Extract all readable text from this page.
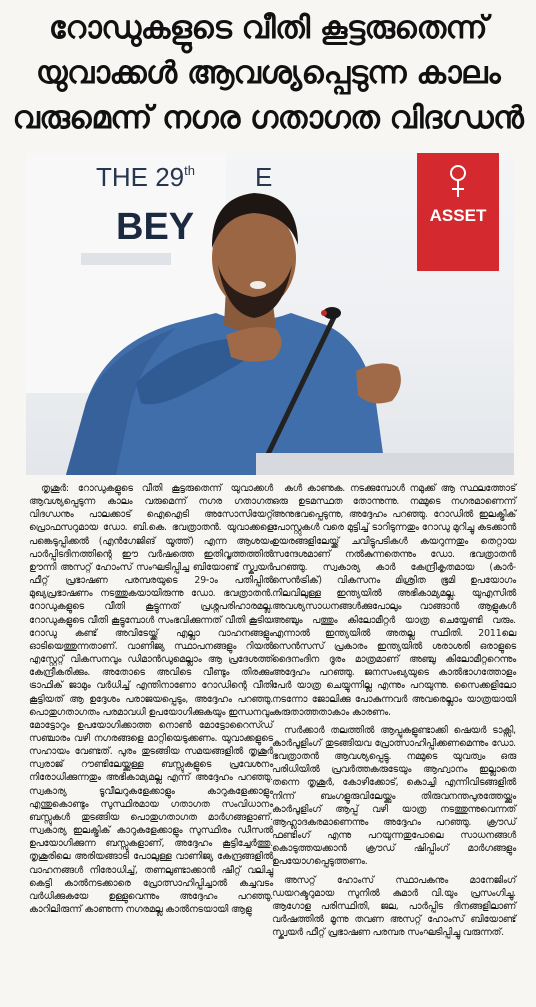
റോഡുകളുടെ വീതി കൂട്ടരുതെന്ന്
യുവാക്കൾ ആവശ്യപ്പെടുന്ന കാലം
വരുമെന്ന് നഗര ഗതാഗത വിദഗ്ധൻ
THE 29th E
BEY	ASSET

തൃശൂർ: റോഡുകളുടെ വീതി കൂട്ടരുതെന്ന് യുവാക്കൾ ആവശ്യപ്പെടുന്ന കാലം വരുമെന്ന് നഗര ഗതാഗത വിദഗ്ധനും പാലക്കാട് ഐഐടി അസോസിയേറ്റ് പ്രൊഫസറുമായ ഡോ. ബി.കെ. ഭവത്രാതൻ. യുവാക്കളെ പങ്കെടുപ്പിക്കൽ (എൻഗേജിങ് യൂത്ത്) എന്ന ആശയം പാർപ്പിടദിനത്തിന്റെ ഈ വർഷത്തെ ഇതിവൃത്തത്തിൽ ഊന്നി അസറ്റ് ഹോംസ് സംഘടിപ്പിച്ച ബിയോണ്ട് സ്ക്വയർ ഫീറ്റ് പ്രഭാഷണ പരമ്പരയുടെ 29-ാം പതിപ്പിൽ മുഖ്യപ്രഭാഷണം നടത്തുകയായിരുന്നു ഡോ. ഭവത്രാതൻ. റോഡുകളുടെ വീതി കൂട്ടുന്നത് പ്രശ്നപരിഹാരമല്ല. റോഡുകളുടെ വീതി കൂട്ടുമ്പോൾ സംഭവിക്കുന്നത് വീതി കൂടിയ റോഡു കണ്ട് അവിടേയ്ക്ക് എല്ലാ വാഹനങ്ങളും ഓടിയെത്തുന്നതാണ്. വാണിജ്യ സ്ഥാപനങ്ങളും റിയൽ എസ്റ്റേറ്റ് വികസനവും ഡിമാൻഡുമെല്ലാം ആ പ്രദേശത്ത് കേന്ദ്രീകരിക്കും. അതോടെ അവിടെ വീണ്ടും തിരക്കും ട്രാഫിക് ജാമും വർധിച്ച് എന്തിനാണോ റോഡിന്റെ വീതി കൂട്ടിയത് ആ ഉദ്ദേശം പരാജയപ്പെടും, അദ്ദേഹം പറഞ്ഞു. പൊതുഗതാഗതം പരമാവധി ഉപയോഗിക്കുകയും ഇന്ധനവും മോട്ടോറും ഉപയോഗിക്കാത്ത നൊൺ മോട്ടോറൈസ്ഡ് സഞ്ചാരം വഴി നഗരങ്ങളെ മാറ്റിയെടുക്കണം. യുവാക്കളുടെ സഹായം വേണ്ടത്. പുരം തുടങ്ങിയ സമയങ്ങളിൽ തൃശൂർ സ്വരാജ് റൗണ്ടിലേയ്ക്കുള്ള ബസ്സുകളുടെ പ്രവേശനം നിരോധിക്കുന്നതും അഭികാമ്യമല്ല എന്ന് അദ്ദേഹം പറഞ്ഞു. സ്വകാര്യ ടൂവീലറുകളേക്കാളും കാറുകളേക്കാളും എന്തുകൊണ്ടും സുസ്ഥിരമായ ഗതാഗത സംവിധാനം ബസ്സുകൾ തുടങ്ങിയ പൊതുഗതാഗത മാർഗങ്ങളാണ്. സ്വകാര്യ ഇലക്ട്രിക് കാറുകളേക്കാളും സുസ്ഥിരം ഡീസൽ ഉപയോഗിക്കുന്ന ബസ്സുകളാണ്, അദ്ദേഹം കൂട്ടിച്ചേർത്തു. തൃശൂരിലെ അരിയങ്ങാടി പോലുള്ള വാണിജ്യ കേന്ദ്രങ്ങളിൽ വാഹനങ്ങൾ നിരോധിച്ച്, തണലുണ്ടാക്കാൻ ഷീറ്റ് വലിച്ചു കെട്ടി കാൽനടക്കാരെ പ്രോത്സാഹിപ്പിച്ചാൽ കച്ചവടം വർധിക്കുകയേ ഉള്ളുവെന്നും അദ്ദേഹം പറഞ്ഞു. കാറിലിരുന്ന് കാണുന്ന നഗരമല്ല കാൽനടയായി ആളു

കൾ കാണുക. നടക്കുമ്പോൾ നമുക്ക് ആ സ്ഥലത്തോട് ഒരു ഉടമസ്ഥത തോന്നുന്നു. നമ്മുടെ നഗരമാണെന്ന് അനുഭവപ്പെടുന്നു, അദ്ദേഹം പറഞ്ഞു. റോഡിൽ ഇലക്ട്രിക് പോസ്റ്റുകൾ വരെ മുട്ടിച്ച് ടാറിടുന്നതും റോഡു മുറിച്ചു കടക്കാൻ ഉയരങ്ങളിലേയ്ക്ക് ചവിട്ടുപടികൾ കയറുന്നതും തെറ്റായ സന്ദേശമാണ് നൽകുന്നതെന്നും ഡോ. ഭവത്രാതൻ പറഞ്ഞു. സ്വകാര്യ കാർ കേന്ദ്രീകൃതമായ (കാർ-സെൻട്രിക്) വികസനം മിശ്രിത ഭൂമി ഉപയോഗം നിലവിലുള്ള ഇന്ത്യയിൽ അഭികാമ്യമല്ല. യുഎസിൽ അവശ്യസാധനങ്ങൾക്കുപോലും വാങ്ങാൻ ആളുകൾ അഞ്ചും പത്തും കിലോമീറ്റർ യാത്ര ചെയ്യേണ്ടി വരും. എന്നാൽ ഇന്ത്യയിൽ അതല്ല സ്ഥിതി. 2011ലെ സെൻസസ് പ്രകാരം ഇന്ത്യയിൽ ശരാശരി ഒരാളുടെ ദൈനംദിന ദൂരം മാത്രമാണ് അഞ്ചു കിലോമീറ്ററെന്നും അദ്ദേഹം പറഞ്ഞു. ജനസംഖ്യയുടെ കാൽഭാഗത്തോളം പേർ യാത്ര ചെയ്യുന്നില്ല എന്നും പറയുന്നു. സൈക്കളിലോ നടന്നോ ജോലിക്കു പോകുന്നവർ അവരെല്ലാം യാത്രയായി കരുതാത്തതാകാം കാരണം.

സർക്കാർ തലത്തിൽ ആപ്പുകളുണ്ടാക്കി ഷെയർ ടാക്സി, കാർപൂളിംഗ് തുടങ്ങിയവ പ്രോത്സാഹിപ്പിക്കണമെന്നും ഡോ. ഭവത്രാതൻ ആവശ്യപ്പെട്ടു. നമ്മുടെ യുവത്വം ഒരു പരിധിയിൽ പ്രവർത്തകരുടേയും ആഹ്വാനം ഇല്ലാതെ തന്നെ തൃശൂർ, കോഴിക്കോട്, കൊച്ചി എന്നിവിടങ്ങളിൽ നിന്ന് ബംഗളൂരുവിലേയ്ക്കും തിരുവനന്തപുരത്തേയ്ക്കും കാർപൂളിംഗ് ആപ്പ് വഴി യാത്ര നടത്തുന്നുവെന്നത് ആഹ്ലാദകരമാണെന്നും അദ്ദേഹം പറഞ്ഞു. ക്രൗഡ് ഫണ്ടിംഗ് എന്നു പറയുന്നതുപോലെ സാധനങ്ങൾ കൊടുത്തയക്കാൻ ക്രൗഡ് ഷിപ്പിംഗ് മാർഗങ്ങളും ഉപയോഗപ്പെടുത്തണം.

അസറ്റ് ഹോംസ് സ്ഥാപകനും മാനേജിംഗ് ഡയറക്ടറുമായ സുനിൽ കുമാർ വി.യും പ്രസംഗിച്ചു. ആഗോള പരിസ്ഥിതി, ജല, പാർപ്പിട ദിനങ്ങളിലാണ് വർഷത്തിൽ മൂന്നു തവണ അസറ്റ് ഹോംസ് ബിയോണ്ട് സ്ക്വയർ ഫീറ്റ് പ്രഭാഷണ പരമ്പര സംഘടിപ്പിച്ചു വരുന്നത്.
